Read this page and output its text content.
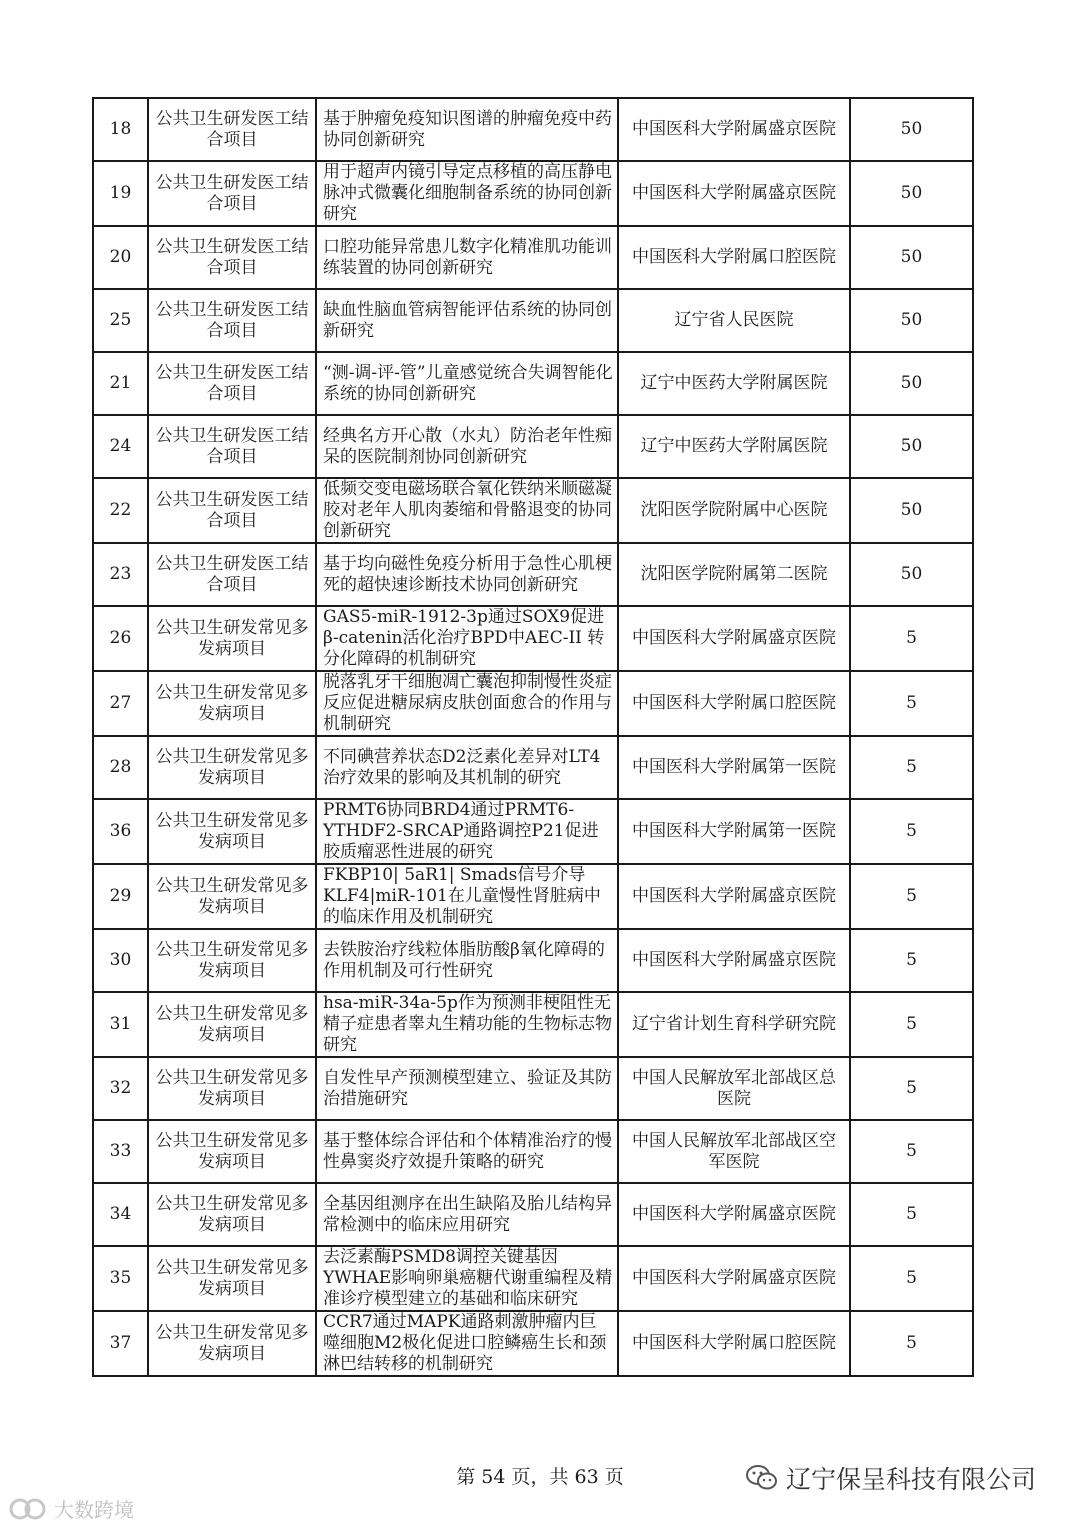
18	公共卫生研发医工结合项目	基于肿瘤免疫知识图谱的肿瘤免疫中药协同创新研究	中国医科大学附属盛京医院	50
19	公共卫生研发医工结合项目	用于超声内镜引导定点移植的高压静电脉冲式微囊化细胞制备系统的协同创新研究	中国医科大学附属盛京医院	50
20	公共卫生研发医工结合项目	口腔功能异常患儿数字化精准肌功能训练装置的协同创新研究	中国医科大学附属口腔医院	50
25	公共卫生研发医工结合项目	缺血性脑血管病智能评估系统的协同创新研究	辽宁省人民医院	50
21	公共卫生研发医工结合项目	“测-调-评-管”儿童感觉统合失调智能化系统的协同创新研究	辽宁中医药大学附属医院	50
24	公共卫生研发医工结合项目	经典名方开心散（水丸）防治老年性痴呆的医院制剂协同创新研究	辽宁中医药大学附属医院	50
22	公共卫生研发医工结合项目	低频交变电磁场联合氧化铁纳米顺磁凝胶对老年人肌肉萎缩和骨骼退变的协同创新研究	沈阳医学院附属中心医院	50
23	公共卫生研发医工结合项目	基于均向磁性免疫分析用于急性心肌梗死的超快速诊断技术协同创新研究	沈阳医学院附属第二医院	50
26	公共卫生研发常见多发病项目	GAS5-miR-1912-3p通过SOX9促进 β-catenin活化治疗BPD中AEC-II 转分化障碍的机制研究	中国医科大学附属盛京医院	5
27	公共卫生研发常见多发病项目	脱落乳牙干细胞凋亡囊泡抑制慢性炎症反应促进糖尿病皮肤创面愈合的作用与机制研究	中国医科大学附属口腔医院	5
28	公共卫生研发常见多发病项目	不同碘营养状态D2泛素化差异对LT4治疗效果的影响及其机制的研究	中国医科大学附属第一医院	5
36	公共卫生研发常见多发病项目	PRMT6协同BRD4通过PRMT6-YTHDF2-SRCAP通路调控P21促进胶质瘤恶性进展的研究	中国医科大学附属第一医院	5
29	公共卫生研发常见多发病项目	FKBP10| 5aR1| Smads信号介导KLF4|miR-101在儿童慢性肾脏病中的临床作用及机制研究	中国医科大学附属盛京医院	5
30	公共卫生研发常见多发病项目	去铁胺治疗线粒体脂肪酸β氧化障碍的作用机制及可行性研究	中国医科大学附属盛京医院	5
31	公共卫生研发常见多发病项目	hsa-miR-34a-5p作为预测非梗阻性无精子症患者睾丸生精功能的生物标志物研究	辽宁省计划生育科学研究院	5
32	公共卫生研发常见多发病项目	自发性早产预测模型建立、验证及其防治措施研究	中国人民解放军北部战区总医院	5
33	公共卫生研发常见多发病项目	基于整体综合评估和个体精准治疗的慢性鼻窦炎疗效提升策略的研究	中国人民解放军北部战区空军医院	5
34	公共卫生研发常见多发病项目	全基因组测序在出生缺陷及胎儿结构异常检测中的临床应用研究	中国医科大学附属盛京医院	5
35	公共卫生研发常见多发病项目	去泛素酶PSMD8调控关键基因YWHAE影响卵巢癌糖代谢重编程及精准诊疗模型建立的基础和临床研究	中国医科大学附属盛京医院	5
37	公共卫生研发常见多发病项目	CCR7通过MAPK通路刺激肿瘤内巨噬细胞M2极化促进口腔鳞癌生长和颈淋巴结转移的机制研究	中国医科大学附属口腔医院	5
第 54 页，共 63 页	辽宁保呈科技有限公司
大数跨境
